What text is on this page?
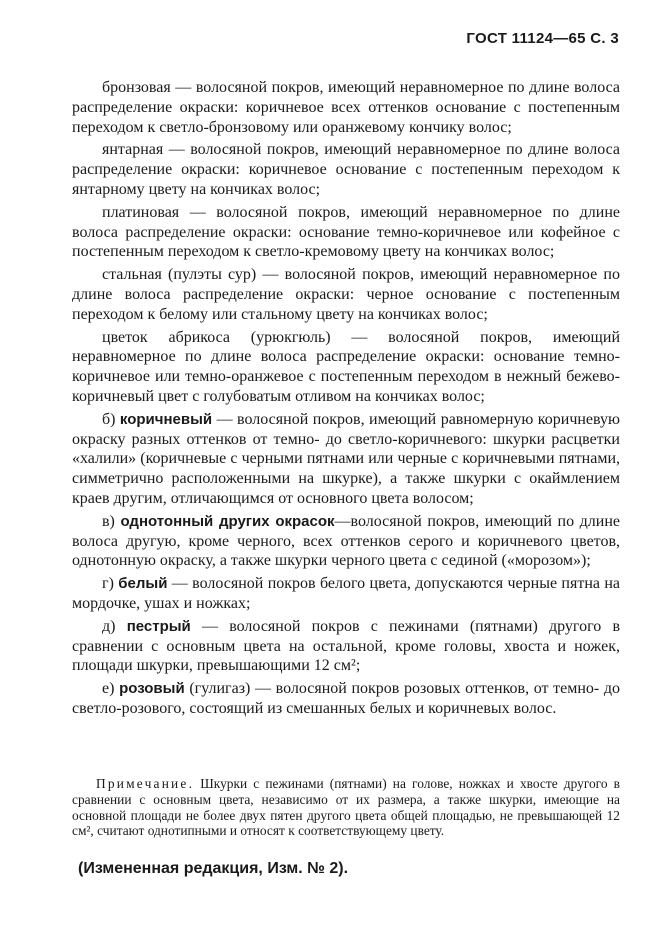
ГОСТ 11124—65 С. 3

бронзовая — волосяной покров, имеющий неравномерное по длине волоса распределение окраски: коричневое всех оттенков основание с постепенным переходом к светло-бронзовому или оранжевому кончику волос;

янтарная — волосяной покров, имеющий неравномерное по длине волоса распределение окраски: коричневое основание с постепенным переходом к янтарному цвету на кончиках волос;

платиновая — волосяной покров, имеющий неравномерное по длине волоса распределение окраски: основание темно-коричневое или кофейное с постепенным переходом к светло-кремовому цвету на кончиках волос;

стальная (пулэты сур) — волосяной покров, имеющий неравномерное по длине волоса распределение окраски: черное основание с постепенным переходом к белому или стальному цвету на кончиках волос;

цветок абрикоса (урюкгюль) — волосяной покров, имеющий неравномерное по длине волоса распределение окраски: основание темно-коричневое или темно-оранжевое с постепенным переходом в нежный бежево-коричневый цвет с голубоватым отливом на кончиках волос;

б) коричневый — волосяной покров, имеющий равномерную коричневую окраску разных оттенков от темно- до светло-коричневого: шкурки расцветки «халили» (коричневые с черными пятнами или черные с коричневыми пятнами, симметрично расположенными на шкурке), а также шкурки с окаймлением краев другим, отличающимся от основного цвета волосом;

в) однотонный других окрасок—волосяной покров, имеющий по длине волоса другую, кроме черного, всех оттенков серого и коричневого цветов, однотонную окраску, а также шкурки черного цвета с сединой («морозом»);

г) белый — волосяной покров белого цвета, допускаются черные пятна на мордочке, ушах и ножках;

д) пестрый — волосяной покров с пежинами (пятнами) другого в сравнении с основным цвета на остальной, кроме головы, хвоста и ножек, площади шкурки, превышающими 12 см²;

е) розовый (гулигаз) — волосяной покров розовых оттенков, от темно- до светло-розового, состоящий из смешанных белых и коричневых волос.

Примечание. Шкурки с пежинами (пятнами) на голове, ножках и хвосте другого в сравнении с основным цвета, независимо от их размера, а также шкурки, имеющие на основной площади не более двух пятен другого цвета общей площадью, не превышающей 12 см², считают однотипными и относят к соответствующему цвету.
(Измененная редакция, Изм. № 2).
